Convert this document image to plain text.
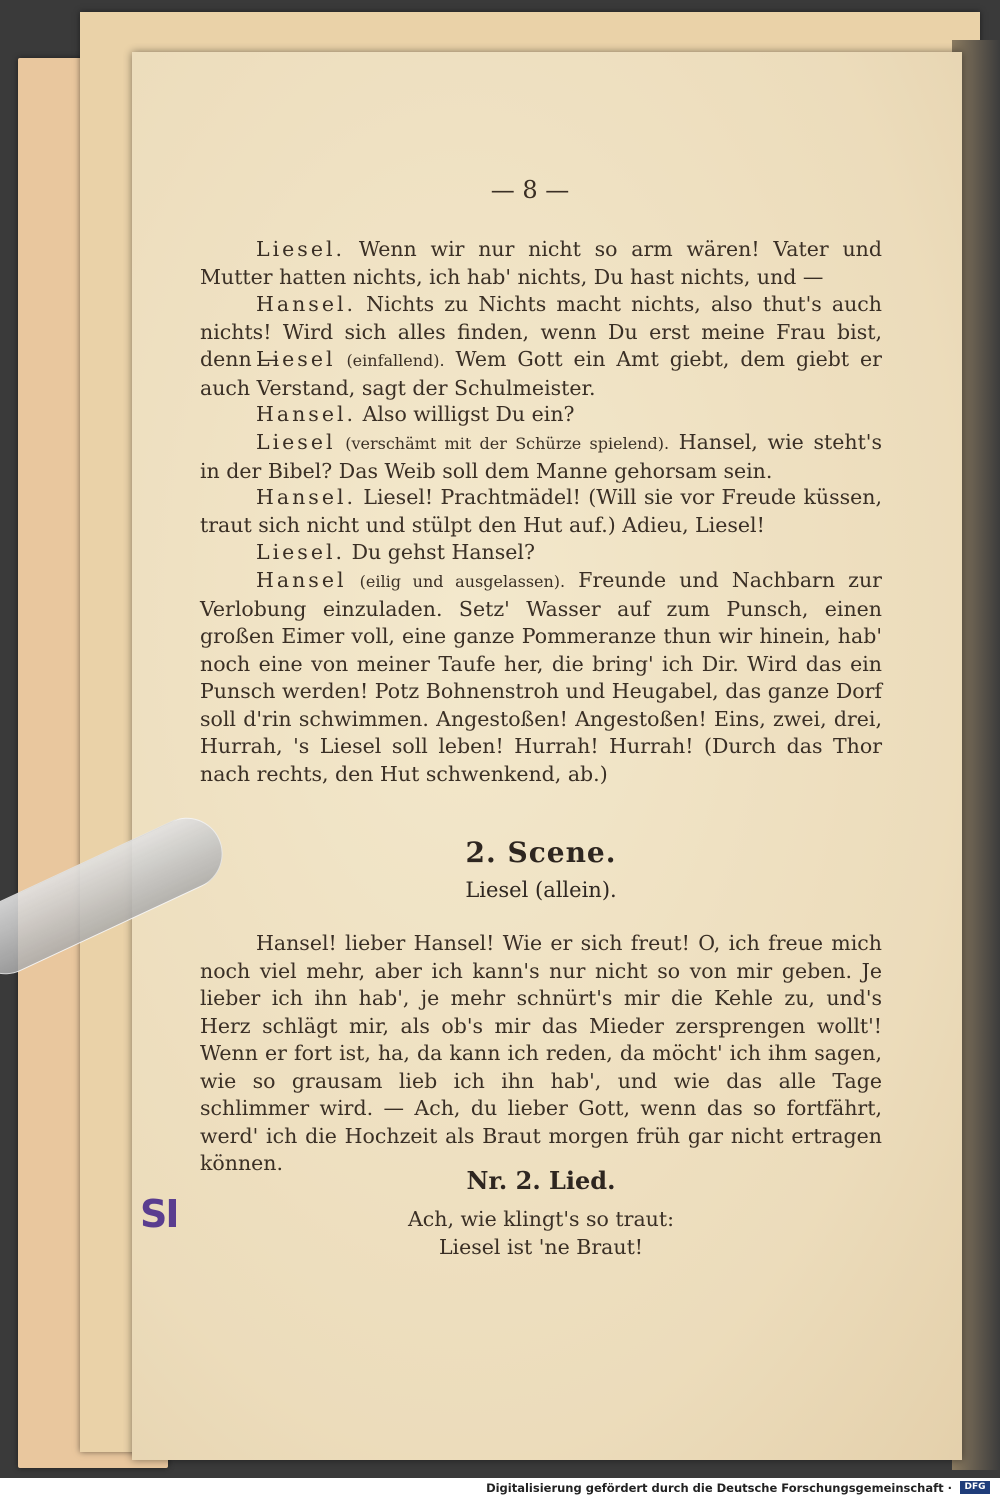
— 8 —
Liesel. Wenn wir nur nicht so arm wären! Vater und Mutter hatten nichts, ich hab' nichts, Du hast nichts, und —
Hansel. Nichts zu Nichts macht nichts, also thut's auch nichts! Wird sich alles finden, wenn Du erst meine Frau bist, denn —
Liesel (einfallend). Wem Gott ein Amt giebt, dem giebt er auch Verstand, sagt der Schulmeister.
Hansel. Also willigst Du ein?
Liesel (verschämt mit der Schürze spielend). Hansel, wie steht's in der Bibel? Das Weib soll dem Manne gehorsam sein.
Hansel. Liesel! Prachtmädel! (Will sie vor Freude küssen, traut sich nicht und stülpt den Hut auf.) Adieu, Liesel!
Liesel. Du gehst Hansel?
Hansel (eilig und ausgelassen). Freunde und Nachbarn zur Verlobung einzuladen. Setz' Wasser auf zum Punsch, einen großen Eimer voll, eine ganze Pommeranze thun wir hinein, hab' noch eine von meiner Taufe her, die bring' ich Dir. Wird das ein Punsch werden! Potz Bohnenstroh und Heugabel, das ganze Dorf soll d'rin schwimmen. Angestoßen! Angestoßen! Eins, zwei, drei, Hurrah, 's Liesel soll leben! Hurrah! Hurrah! (Durch das Thor nach rechts, den Hut schwenkend, ab.)
2. Scene.
Liesel (allein).
Hansel! lieber Hansel! Wie er sich freut! O, ich freue mich noch viel mehr, aber ich kann's nur nicht so von mir geben. Je lieber ich ihn hab', je mehr schnürt's mir die Kehle zu, und's Herz schlägt mir, als ob's mir das Mieder zersprengen wollt'! Wenn er fort ist, ha, da kann ich reden, da möcht' ich ihm sagen, wie so grausam lieb ich ihn hab', und wie das alle Tage schlimmer wird. — Ach, du lieber Gott, wenn das so fortfährt, werd' ich die Hochzeit als Braut morgen früh gar nicht ertragen können.
Nr. 2. Lied.
Ach, wie klingt's so traut:
Liesel ist 'ne Braut!
SI
Digitalisierung gefördert durch die Deutsche Forschungsgemeinschaft ·	DFG
